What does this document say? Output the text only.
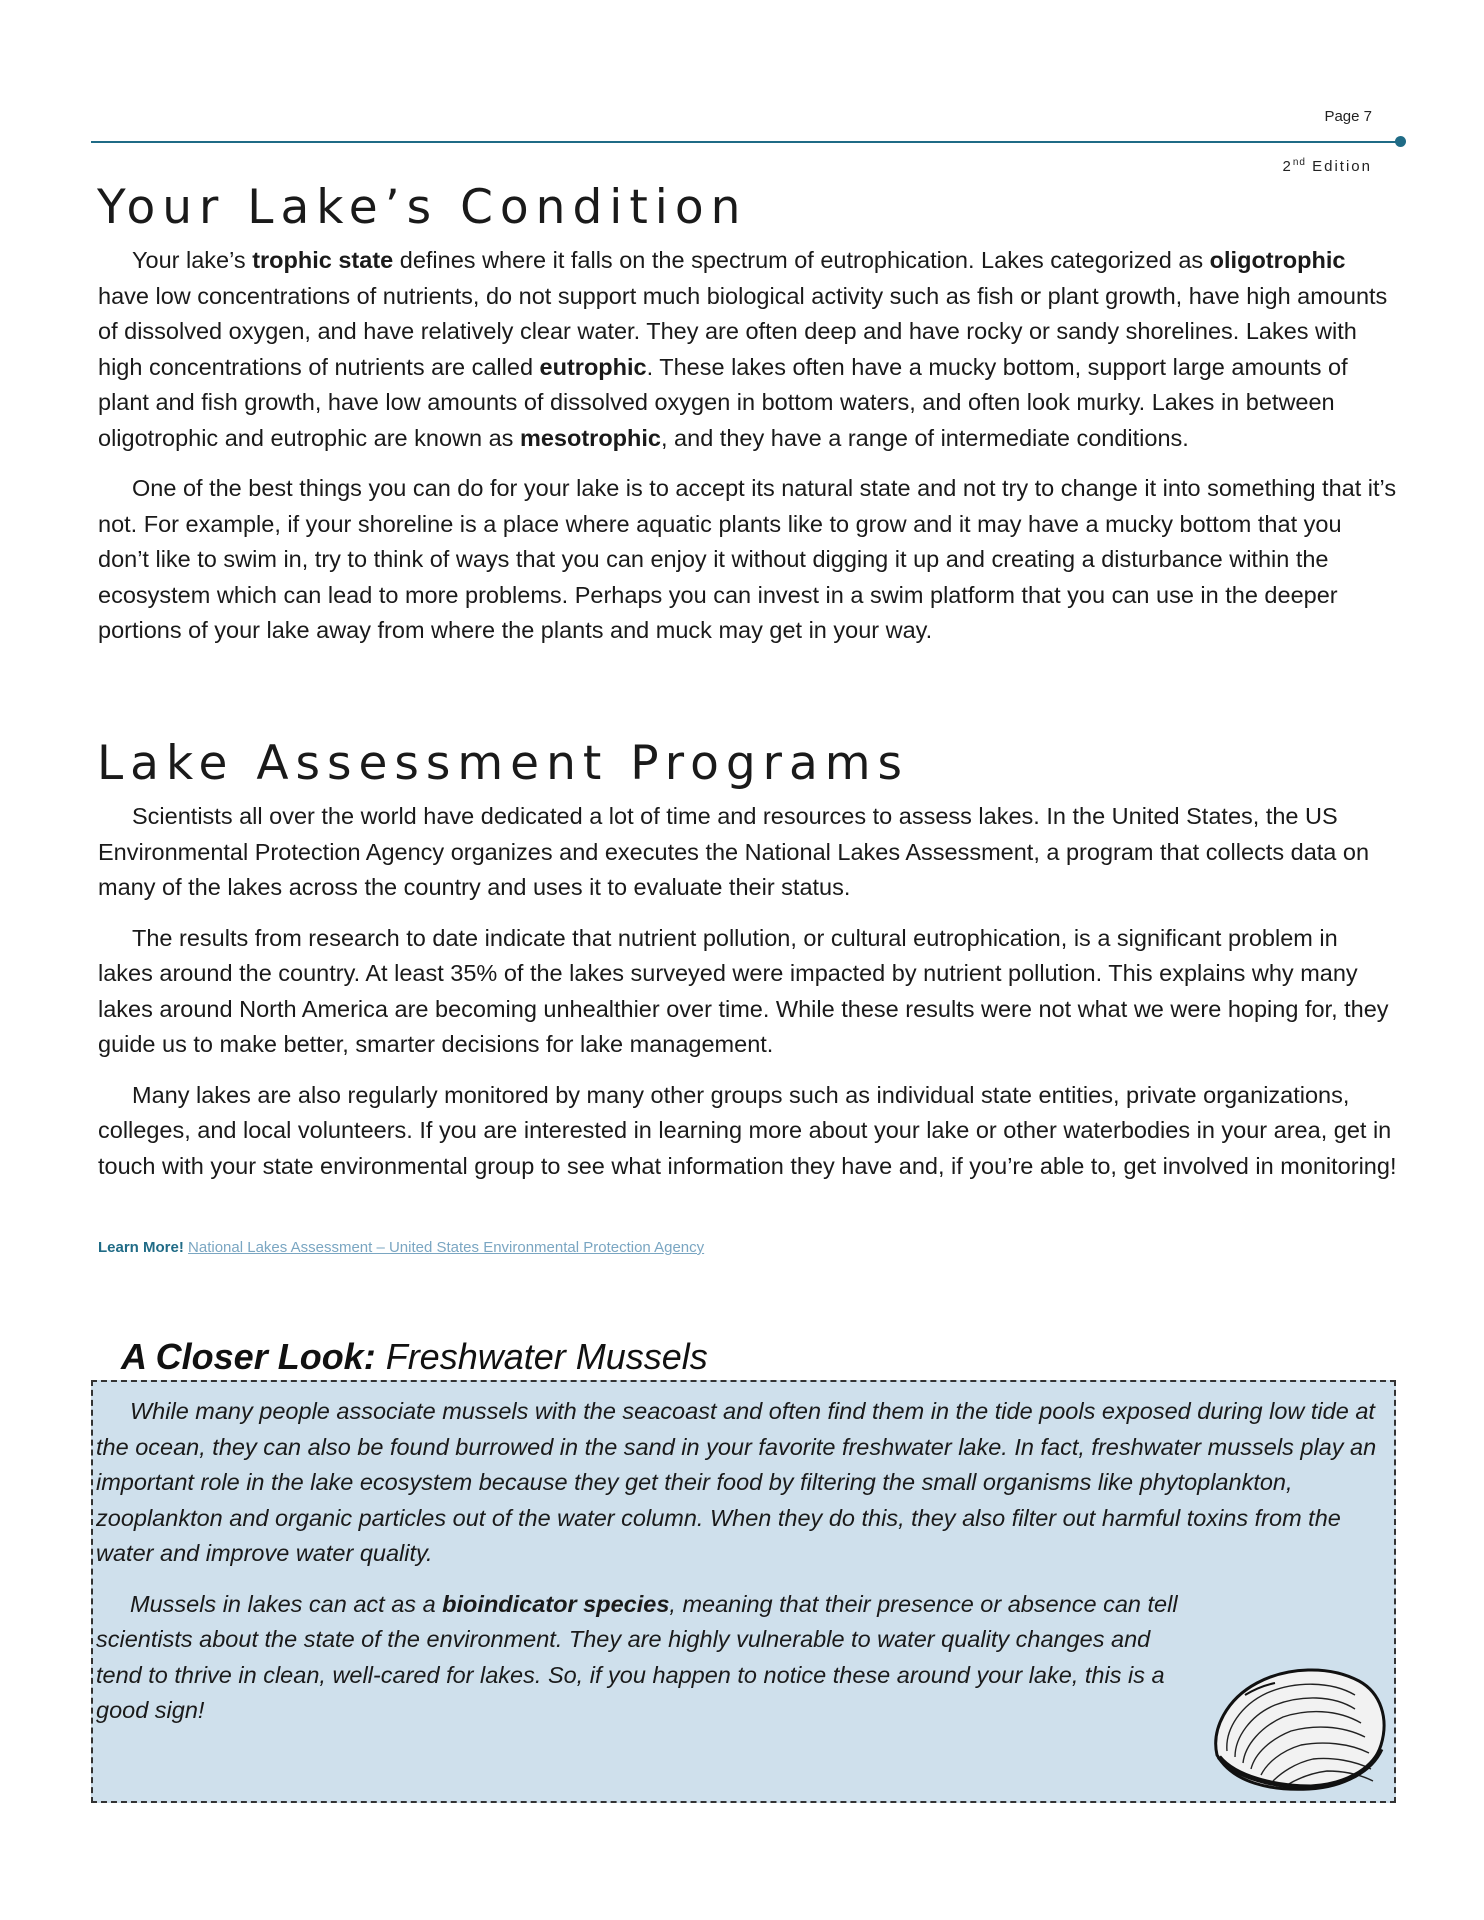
Page 7
2nd Edition
Your Lake’s Condition

Your lake’s trophic state defines where it falls on the spectrum of eutrophication. Lakes categorized as oligotrophic have low concentrations of nutrients, do not support much biological activity such as fish or plant growth, have high amounts of dissolved oxygen, and have relatively clear water. They are often deep and have rocky or sandy shorelines. Lakes with high concentrations of nutrients are called eutrophic. These lakes often have a mucky bottom, support large amounts of plant and fish growth, have low amounts of dissolved oxygen in bottom waters, and often look murky. Lakes in between oligotrophic and eutrophic are known as mesotrophic, and they have a range of intermediate conditions.

One of the best things you can do for your lake is to accept its natural state and not try to change it into something that it’s not. For example, if your shoreline is a place where aquatic plants like to grow and it may have a mucky bottom that you don’t like to swim in, try to think of ways that you can enjoy it without digging it up and creating a disturbance within the ecosystem which can lead to more problems. Perhaps you can invest in a swim platform that you can use in the deeper portions of your lake away from where the plants and muck may get in your way.

Lake Assessment Programs

Scientists all over the world have dedicated a lot of time and resources to assess lakes. In the United States, the US Environmental Protection Agency organizes and executes the National Lakes Assessment, a program that collects data on many of the lakes across the country and uses it to evaluate their status.

The results from research to date indicate that nutrient pollution, or cultural eutrophication, is a significant problem in lakes around the country. At least 35% of the lakes surveyed were impacted by nutrient pollution. This explains why many lakes around North America are becoming unhealthier over time. While these results were not what we were hoping for, they guide us to make better, smarter decisions for lake management.

Many lakes are also regularly monitored by many other groups such as individual state entities, private organizations, colleges, and local volunteers. If you are interested in learning more about your lake or other waterbodies in your area, get in touch with your state environmental group to see what information they have and, if you’re able to, get involved in monitoring!

Learn More! National Lakes Assessment – United States Environmental Protection Agency
A Closer Look: Freshwater Mussels

While many people associate mussels with the seacoast and often find them in the tide pools exposed during low tide at the ocean, they can also be found burrowed in the sand in your favorite freshwater lake. In fact, freshwater mussels play an important role in the lake ecosystem because they get their food by filtering the small organisms like phytoplankton, zooplankton and organic particles out of the water column. When they do this, they also filter out harmful toxins from the water and improve water quality.

Mussels in lakes can act as a bioindicator species, meaning that their presence or absence can tell scientists about the state of the environment. They are highly vulnerable to water quality changes and tend to thrive in clean, well-cared for lakes. So, if you happen to notice these around your lake, this is a good sign!
